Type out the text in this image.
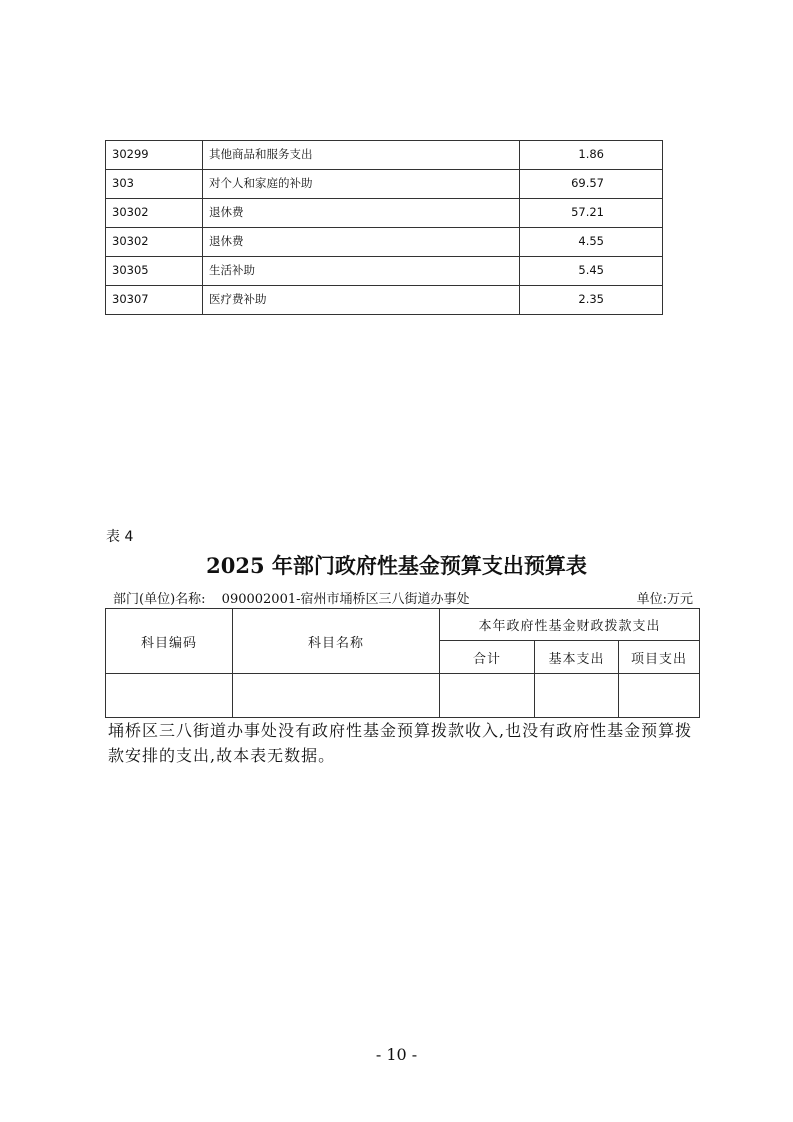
30299	其他商品和服务支出	1.86
303	对个人和家庭的补助	69.57
30302	退休费	57.21
30302	退休费	4.55
30305	生活补助	5.45
30307	医疗费补助	2.35
表 4
2025 年部门政府性基金预算支出预算表
部门(单位)名称: 090002001-宿州市埇桥区三八街道办事处	单位:万元
科目编码	科目名称	本年政府性基金财政拨款支出		
		合计	基本支出	项目支出

埇桥区三八街道办事处没有政府性基金预算拨款收入,也没有政府性基金预算拨款安排的支出,故本表无数据。
- 10 -
